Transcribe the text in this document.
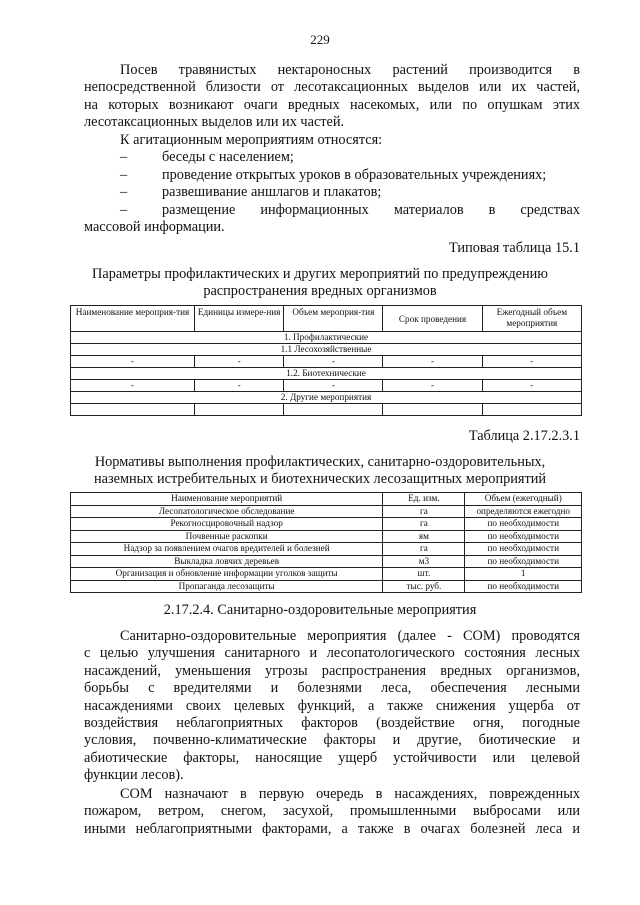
229
Посев травянистых нектароносных растений производится в
непосредственной близости от лесотаксационных выделов или их частей,
на которых возникают очаги вредных насекомых, или по опушкам этих
лесотаксационных выделов или их частей.
К агитационным мероприятиям относятся:
–	беседы с населением;
–	проведение открытых уроков в образовательных учреждениях;
–	развешивание аншлагов и плакатов;
–	размещение информационных материалов в средствах
массовой информации.
Типовая таблица 15.1
Параметры профилактических и других мероприятий по предупреждению
распространения вредных организмов
Наименование мероприя-тия	Единицы измере-ния	Объем мероприя-тия	Срок проведения	Ежегодный объем мероприятия
1. Профилактические				
1.1 Лесохозяйственные				
-	-	-	-	-
1.2. Биотехнические				
-	-	-	-	-
2. Другие мероприятия				

Таблица 2.17.2.3.1
Нормативы выполнения профилактических, санитарно-оздоровительных,
наземных истребительных и биотехнических лесозащитных мероприятий
Наименование мероприятий	Ед. изм.	Объем (ежегодный)
Лесопатологическое обследование	га	определяются ежегодно
Рекогносцировочный надзор	га	по необходимости
Почвенные раскопки	ям	по необходимости
Надзор за появлением очагов вредителей и болезней	га	по необходимости
Выкладка ловчих деревьев	м3	по необходимости
Организация и обновление информации уголков защиты	шт.	1
Пропаганда лесозащиты	тыс. руб.	по необходимости
2.17.2.4. Санитарно-оздоровительные мероприятия
Санитарно-оздоровительные мероприятия (далее - СОМ) проводятся
с целью улучшения санитарного и лесопатологического состояния лесных
насаждений, уменьшения угрозы распространения вредных организмов,
борьбы с вредителями и болезнями леса, обеспечения лесными
насаждениями своих целевых функций, а также снижения ущерба от
воздействия неблагоприятных факторов (воздействие огня, погодные
условия, почвенно-климатические факторы и другие, биотические и
абиотические факторы, наносящие ущерб устойчивости или целевой
функции лесов).
СОМ назначают в первую очередь в насаждениях, поврежденных
пожаром, ветром, снегом, засухой, промышленными выбросами или
иными неблагоприятными факторами, а также в очагах болезней леса и
